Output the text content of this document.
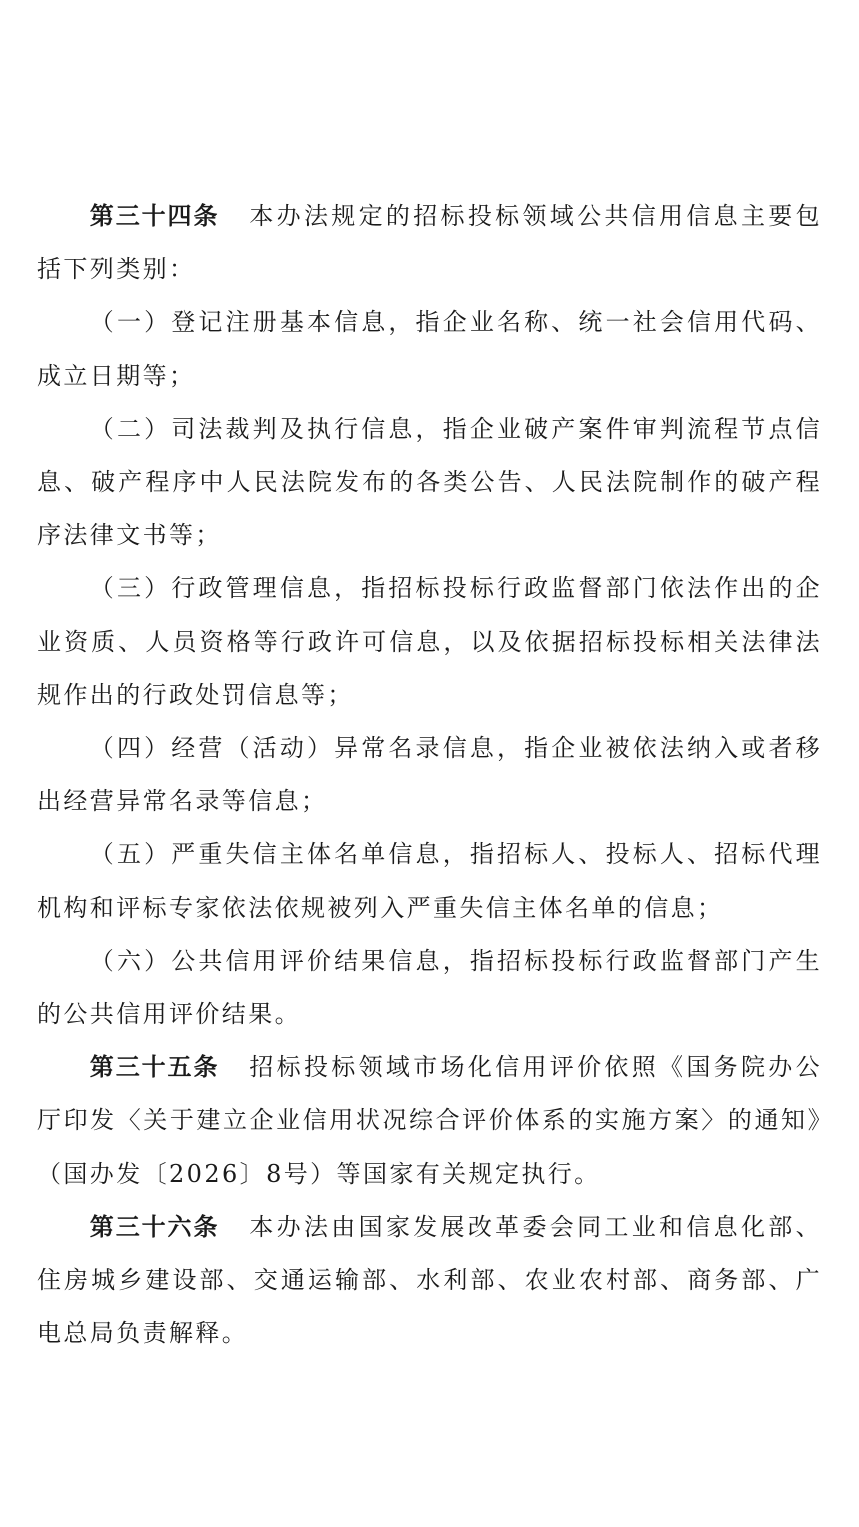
第三十四条 本办法规定的招标投标领域公共信用信息主要包括下列类别：

（一）登记注册基本信息，指企业名称、统一社会信用代码、成立日期等；

（二）司法裁判及执行信息，指企业破产案件审判流程节点信息、破产程序中人民法院发布的各类公告、人民法院制作的破产程序法律文书等；

（三）行政管理信息，指招标投标行政监督部门依法作出的企业资质、人员资格等行政许可信息，以及依据招标投标相关法律法规作出的行政处罚信息等；

（四）经营（活动）异常名录信息，指企业被依法纳入或者移出经营异常名录等信息；

（五）严重失信主体名单信息，指招标人、投标人、招标代理机构和评标专家依法依规被列入严重失信主体名单的信息；

（六）公共信用评价结果信息，指招标投标行政监督部门产生的公共信用评价结果。

第三十五条 招标投标领域市场化信用评价依照《国务院办公厅印发〈关于建立企业信用状况综合评价体系的实施方案〉的通知》（国办发〔2026〕8号）等国家有关规定执行。

第三十六条 本办法由国家发展改革委会同工业和信息化部、住房城乡建设部、交通运输部、水利部、农业农村部、商务部、广电总局负责解释。
